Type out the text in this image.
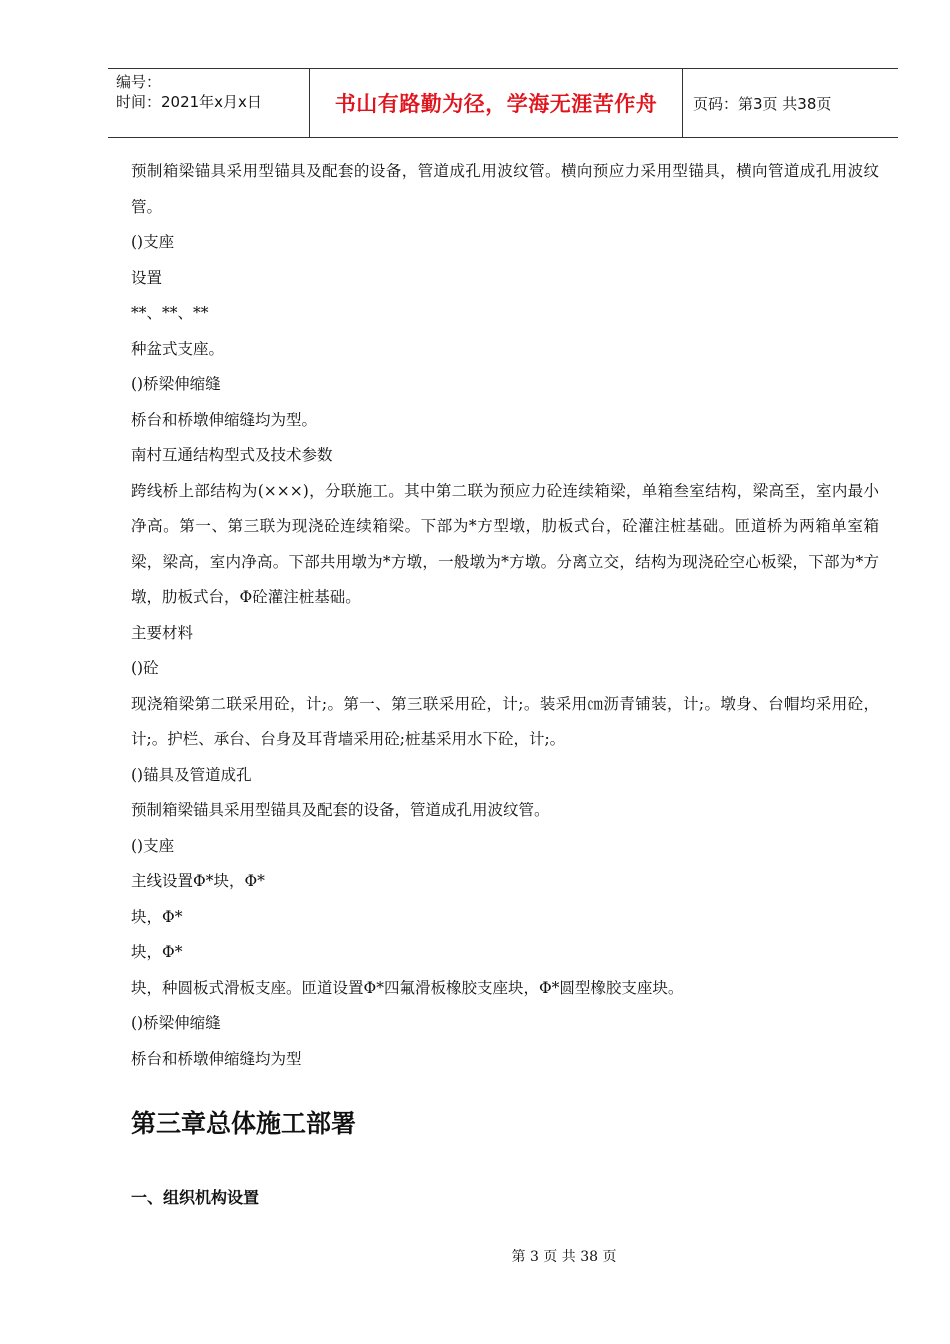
编号：
时间：2021年x月x日	书山有路勤为径，学海无涯苦作舟 页码：第3页 共38页

预制箱梁锚具采用型锚具及配套的设备，管道成孔用波纹管。横向预应力采用型锚具，横向管道成孔用波纹管。

()支座

设置

**、**、**

种盆式支座。

()桥梁伸缩缝

桥台和桥墩伸缩缝均为型。

南村互通结构型式及技术参数

跨线桥上部结构为(×××)，分联施工。其中第二联为预应力砼连续箱梁，单箱叁室结构，梁高至，室内最小净高。第一、第三联为现浇砼连续箱梁。下部为*方型墩，肋板式台，砼灌注桩基础。匝道桥为两箱单室箱梁，梁高，室内净高。下部共用墩为*方墩，一般墩为*方墩。分离立交，结构为现浇砼空心板梁，下部为*方墩，肋板式台，Φ砼灌注桩基础。

主要材料

()砼

现浇箱梁第二联采用砼，计;。第一、第三联采用砼，计;。装采用㎝沥青铺装，计;。墩身、台帽均采用砼，计;。护栏、承台、台身及耳背墙采用砼;桩基采用水下砼，计;。

()锚具及管道成孔

预制箱梁锚具采用型锚具及配套的设备，管道成孔用波纹管。

()支座

主线设置Φ*块，Φ*

块，Φ*

块，Φ*

块，种圆板式滑板支座。匝道设置Φ*四氟滑板橡胶支座块，Φ*圆型橡胶支座块。

()桥梁伸缩缝

桥台和桥墩伸缩缝均为型

第三章总体施工部署
一、组织机构设置
第 3 页 共 38 页
